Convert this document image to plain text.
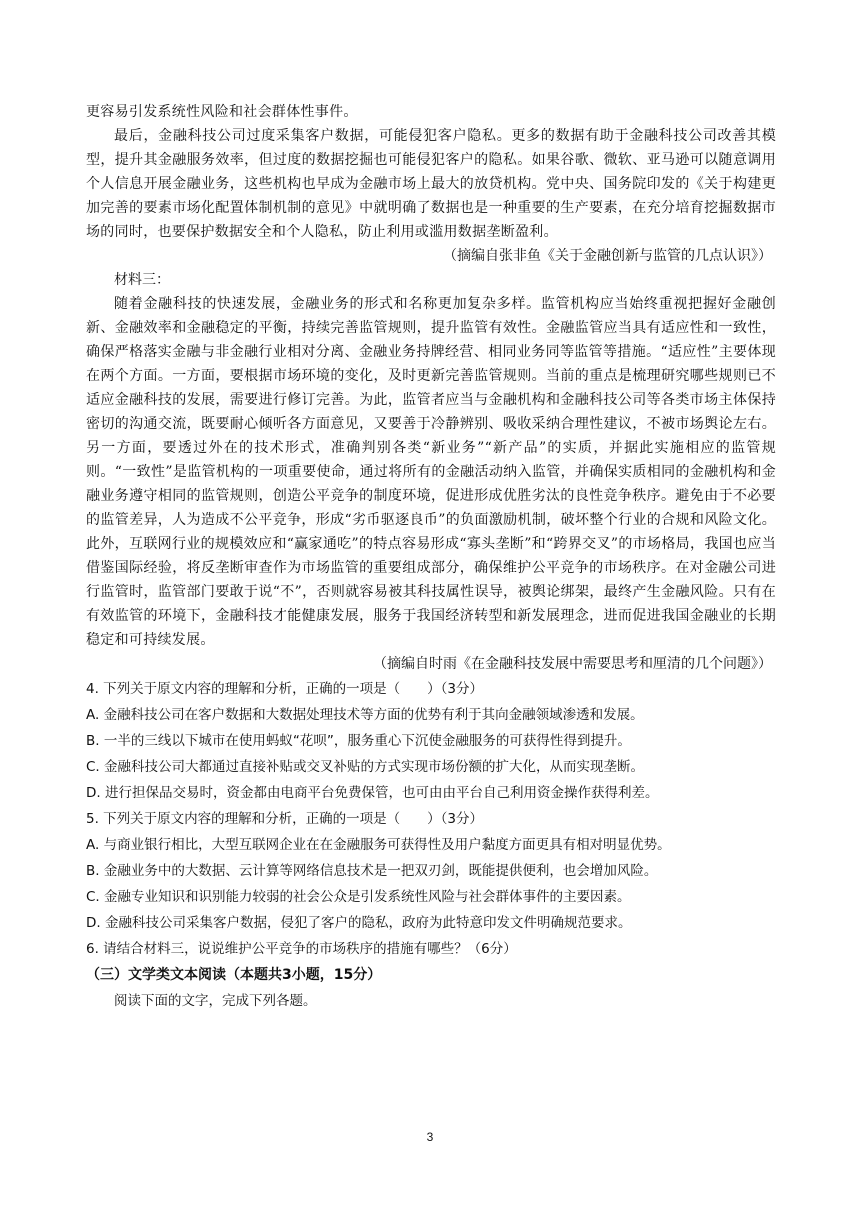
更容易引发系统性风险和社会群体性事件。

最后，金融科技公司过度采集客户数据，可能侵犯客户隐私。更多的数据有助于金融科技公司改善其模型，提升其金融服务效率，但过度的数据挖掘也可能侵犯客户的隐私。如果谷歌、微软、亚马逊可以随意调用个人信息开展金融业务，这些机构也早成为金融市场上最大的放贷机构。党中央、国务院印发的《关于构建更加完善的要素市场化配置体制机制的意见》中就明确了数据也是一种重要的生产要素，在充分培育挖掘数据市场的同时，也要保护数据安全和个人隐私，防止利用或滥用数据垄断盈利。

（摘编自张非鱼《关于金融创新与监管的几点认识》）

材料三：

随着金融科技的快速发展，金融业务的形式和名称更加复杂多样。监管机构应当始终重视把握好金融创新、金融效率和金融稳定的平衡，持续完善监管规则，提升监管有效性。金融监管应当具有适应性和一致性，确保严格落实金融与非金融行业相对分离、金融业务持牌经营、相同业务同等监管等措施。“适应性”主要体现在两个方面。一方面，要根据市场环境的变化，及时更新完善监管规则。当前的重点是梳理研究哪些规则已不适应金融科技的发展，需要进行修订完善。为此，监管者应当与金融机构和金融科技公司等各类市场主体保持密切的沟通交流，既要耐心倾听各方面意见，又要善于冷静辨别、吸收采纳合理性建议，不被市场舆论左右。另一方面，要透过外在的技术形式，准确判别各类“新业务”“新产品”的实质，并据此实施相应的监管规则。“一致性”是监管机构的一项重要使命，通过将所有的金融活动纳入监管，并确保实质相同的金融机构和金融业务遵守相同的监管规则，创造公平竞争的制度环境，促进形成优胜劣汰的良性竞争秩序。避免由于不必要的监管差异，人为造成不公平竞争，形成“劣币驱逐良币”的负面激励机制，破坏整个行业的合规和风险文化。此外，互联网行业的规模效应和“赢家通吃”的特点容易形成“寡头垄断”和“跨界交叉”的市场格局，我国也应当借鉴国际经验，将反垄断审查作为市场监管的重要组成部分，确保维护公平竞争的市场秩序。在对金融公司进行监管时，监管部门要敢于说“不”，否则就容易被其科技属性误导，被舆论绑架，最终产生金融风险。只有在有效监管的环境下，金融科技才能健康发展，服务于我国经济转型和新发展理念，进而促进我国金融业的长期稳定和可持续发展。

（摘编自时雨《在金融科技发展中需要思考和厘清的几个问题》）

4. 下列关于原文内容的理解和分析，正确的一项是（　　）（3分）

A. 金融科技公司在客户数据和大数据处理技术等方面的优势有利于其向金融领域渗透和发展。

B. 一半的三线以下城市在使用蚂蚁“花呗”，服务重心下沉使金融服务的可获得性得到提升。

C. 金融科技公司大都通过直接补贴或交叉补贴的方式实现市场份额的扩大化，从而实现垄断。

D. 进行担保品交易时，资金都由电商平台免费保管，也可由由平台自己利用资金操作获得利差。

5. 下列关于原文内容的理解和分析，正确的一项是（　　）（3分）

A. 与商业银行相比，大型互联网企业在在金融服务可获得性及用户黏度方面更具有相对明显优势。

B. 金融业务中的大数据、云计算等网络信息技术是一把双刃剑，既能提供便利，也会增加风险。

C. 金融专业知识和识别能力较弱的社会公众是引发系统性风险与社会群体事件的主要因素。

D. 金融科技公司采集客户数据，侵犯了客户的隐私，政府为此特意印发文件明确规范要求。

6. 请结合材料三，说说维护公平竞争的市场秩序的措施有哪些？（6分）

（三）文学类文本阅读（本题共3小题，15分）

阅读下面的文字，完成下列各题。

3
